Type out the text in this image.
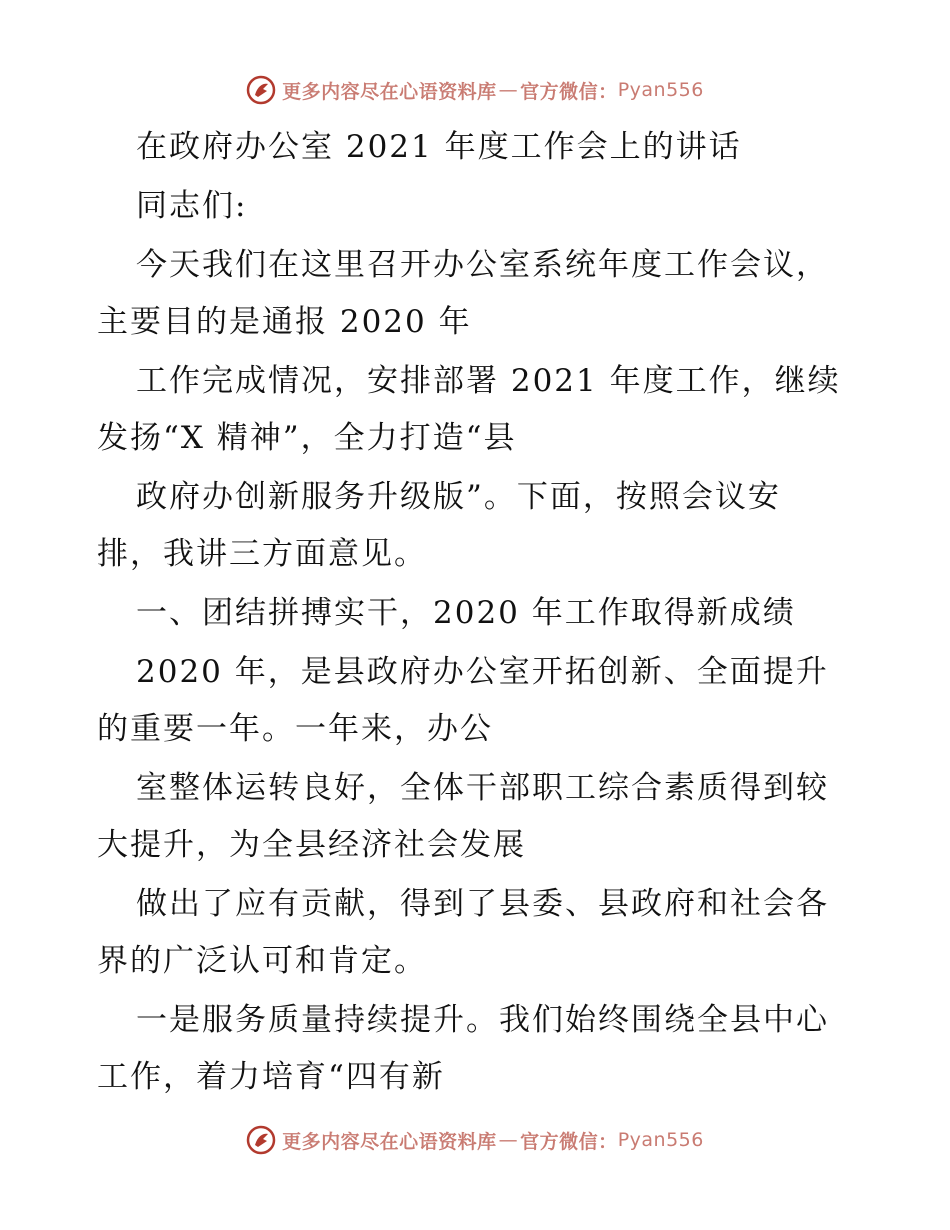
更多内容尽在心语资料库 — 官方微信： Pyan556
在政府办公室 2021 年度工作会上的讲话
同志们:
今天我们在这里召开办公室系统年度工作会议，
主要目的是通报 2020 年
工作完成情况，安排部署 2021 年度工作，继续
发扬“X 精神”，全力打造“县
政府办创新服务升级版”。下面，按照会议安
排，我讲三方面意见。
一、团结拼搏实干，2020 年工作取得新成绩
2020 年，是县政府办公室开拓创新、全面提升
的重要一年。一年来，办公
室整体运转良好，全体干部职工综合素质得到较
大提升，为全县经济社会发展
做出了应有贡献，得到了县委、县政府和社会各
界的广泛认可和肯定。
一是服务质量持续提升。我们始终围绕全县中心
工作，着力培育“四有新
更多内容尽在心语资料库 — 官方微信： Pyan556
